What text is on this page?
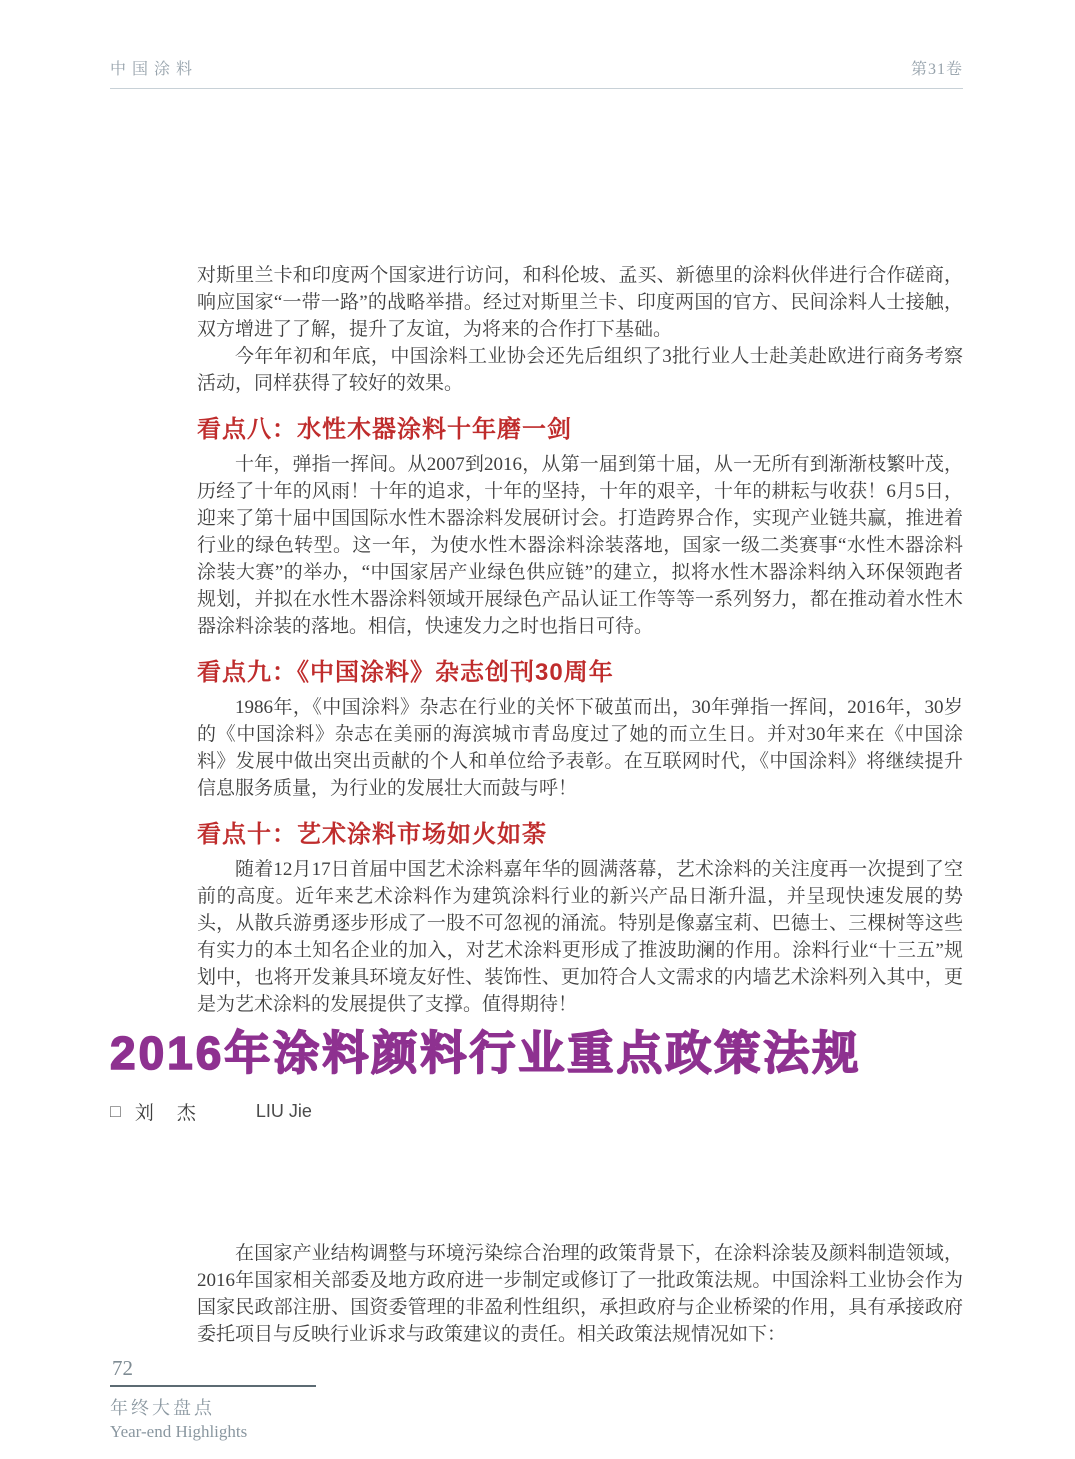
中国涂料	第31卷

对斯里兰卡和印度两个国家进行访问，和科伦坡、孟买、新德里的涂料伙伴进行合作磋商，响应国家“一带一路”的战略举措。经过对斯里兰卡、印度两国的官方、民间涂料人士接触，双方增进了了解，提升了友谊，为将来的合作打下基础。

今年年初和年底，中国涂料工业协会还先后组织了3批行业人士赴美赴欧进行商务考察活动，同样获得了较好的效果。

看点八：水性木器涂料十年磨一剑

十年，弹指一挥间。从2007到2016，从第一届到第十届，从一无所有到渐渐枝繁叶茂，历经了十年的风雨！十年的追求，十年的坚持，十年的艰辛，十年的耕耘与收获！6月5日，迎来了第十届中国国际水性木器涂料发展研讨会。打造跨界合作，实现产业链共赢，推进着行业的绿色转型。这一年，为使水性木器涂料涂装落地，国家一级二类赛事“水性木器涂料涂装大赛”的举办，“中国家居产业绿色供应链”的建立，拟将水性木器涂料纳入环保领跑者规划，并拟在水性木器涂料领域开展绿色产品认证工作等等一系列努力，都在推动着水性木器涂料涂装的落地。相信，快速发力之时也指日可待。

看点九：《中国涂料》杂志创刊30周年

1986年，《中国涂料》杂志在行业的关怀下破茧而出，30年弹指一挥间，2016年，30岁的《中国涂料》杂志在美丽的海滨城市青岛度过了她的而立生日。并对30年来在《中国涂料》发展中做出突出贡献的个人和单位给予表彰。在互联网时代，《中国涂料》将继续提升信息服务质量，为行业的发展壮大而鼓与呼！

看点十：艺术涂料市场如火如荼

随着12月17日首届中国艺术涂料嘉年华的圆满落幕，艺术涂料的关注度再一次提到了空前的高度。近年来艺术涂料作为建筑涂料行业的新兴产品日渐升温，并呈现快速发展的势头，从散兵游勇逐步形成了一股不可忽视的涌流。特别是像嘉宝莉、巴德士、三棵树等这些有实力的本土知名企业的加入，对艺术涂料更形成了推波助澜的作用。涂料行业“十三五”规划中，也将开发兼具环境友好性、装饰性、更加符合人文需求的内墙艺术涂料列入其中，更是为艺术涂料的发展提供了支撑。值得期待！

2016年涂料颜料行业重点政策法规
□ 刘　杰	LIU Jie

在国家产业结构调整与环境污染综合治理的政策背景下，在涂料涂装及颜料制造领域，2016年国家相关部委及地方政府进一步制定或修订了一批政策法规。中国涂料工业协会作为国家民政部注册、国资委管理的非盈利性组织，承担政府与企业桥梁的作用，具有承接政府委托项目与反映行业诉求与政策建议的责任。相关政策法规情况如下：

72
年终大盘点
Year-end Highlights
